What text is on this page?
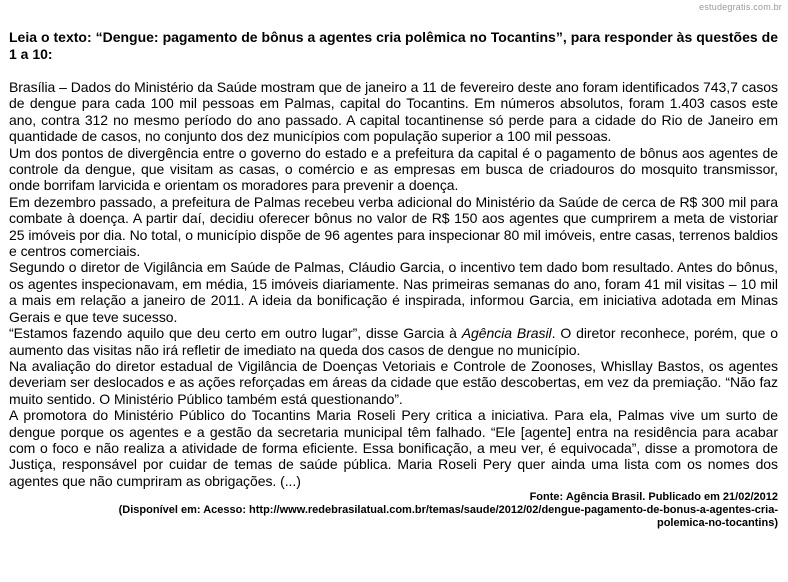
estudegratis.com.br
Leia o texto: “Dengue: pagamento de bônus a agentes cria polêmica no Tocantins”, para responder às questões de 1 a 10:

Brasília – Dados do Ministério da Saúde mostram que de janeiro a 11 de fevereiro deste ano foram identificados 743,7 casos de dengue para cada 100 mil pessoas em Palmas, capital do Tocantins. Em números absolutos, foram 1.403 casos este ano, contra 312 no mesmo período do ano passado. A capital tocantinense só perde para a cidade do Rio de Janeiro em quantidade de casos, no conjunto dos dez municípios com população superior a 100 mil pessoas.

Um dos pontos de divergência entre o governo do estado e a prefeitura da capital é o pagamento de bônus aos agentes de controle da dengue, que visitam as casas, o comércio e as empresas em busca de criadouros do mosquito transmissor, onde borrifam larvicida e orientam os moradores para prevenir a doença.

Em dezembro passado, a prefeitura de Palmas recebeu verba adicional do Ministério da Saúde de cerca de R$ 300 mil para combate à doença. A partir daí, decidiu oferecer bônus no valor de R$ 150 aos agentes que cumprirem a meta de vistoriar 25 imóveis por dia. No total, o município dispõe de 96 agentes para inspecionar 80 mil imóveis, entre casas, terrenos baldios e centros comerciais.

Segundo o diretor de Vigilância em Saúde de Palmas, Cláudio Garcia, o incentivo tem dado bom resultado. Antes do bônus, os agentes inspecionavam, em média, 15 imóveis diariamente. Nas primeiras semanas do ano, foram 41 mil visitas – 10 mil a mais em relação a janeiro de 2011. A ideia da bonificação é inspirada, informou Garcia, em iniciativa adotada em Minas Gerais e que teve sucesso.

“Estamos fazendo aquilo que deu certo em outro lugar”, disse Garcia à Agência Brasil. O diretor reconhece, porém, que o aumento das visitas não irá refletir de imediato na queda dos casos de dengue no município.

Na avaliação do diretor estadual de Vigilância de Doenças Vetoriais e Controle de Zoonoses, Whisllay Bastos, os agentes deveriam ser deslocados e as ações reforçadas em áreas da cidade que estão descobertas, em vez da premiação. “Não faz muito sentido. O Ministério Público também está questionando”.

A promotora do Ministério Público do Tocantins Maria Roseli Pery critica a iniciativa. Para ela, Palmas vive um surto de dengue porque os agentes e a gestão da secretaria municipal têm falhado. “Ele [agente] entra na residência para acabar com o foco e não realiza a atividade de forma eficiente. Essa bonificação, a meu ver, é equivocada”, disse a promotora de Justiça, responsável por cuidar de temas de saúde pública. Maria Roseli Pery quer ainda uma lista com os nomes dos agentes que não cumpriram as obrigações. (...)

Fonte: Agência Brasil. Publicado em 21/02/2012
(Disponível em: Acesso: http://www.redebrasilatual.com.br/temas/saude/2012/02/dengue-pagamento-de-bonus-a-agentes-cria-
polemica-no-tocantins)
